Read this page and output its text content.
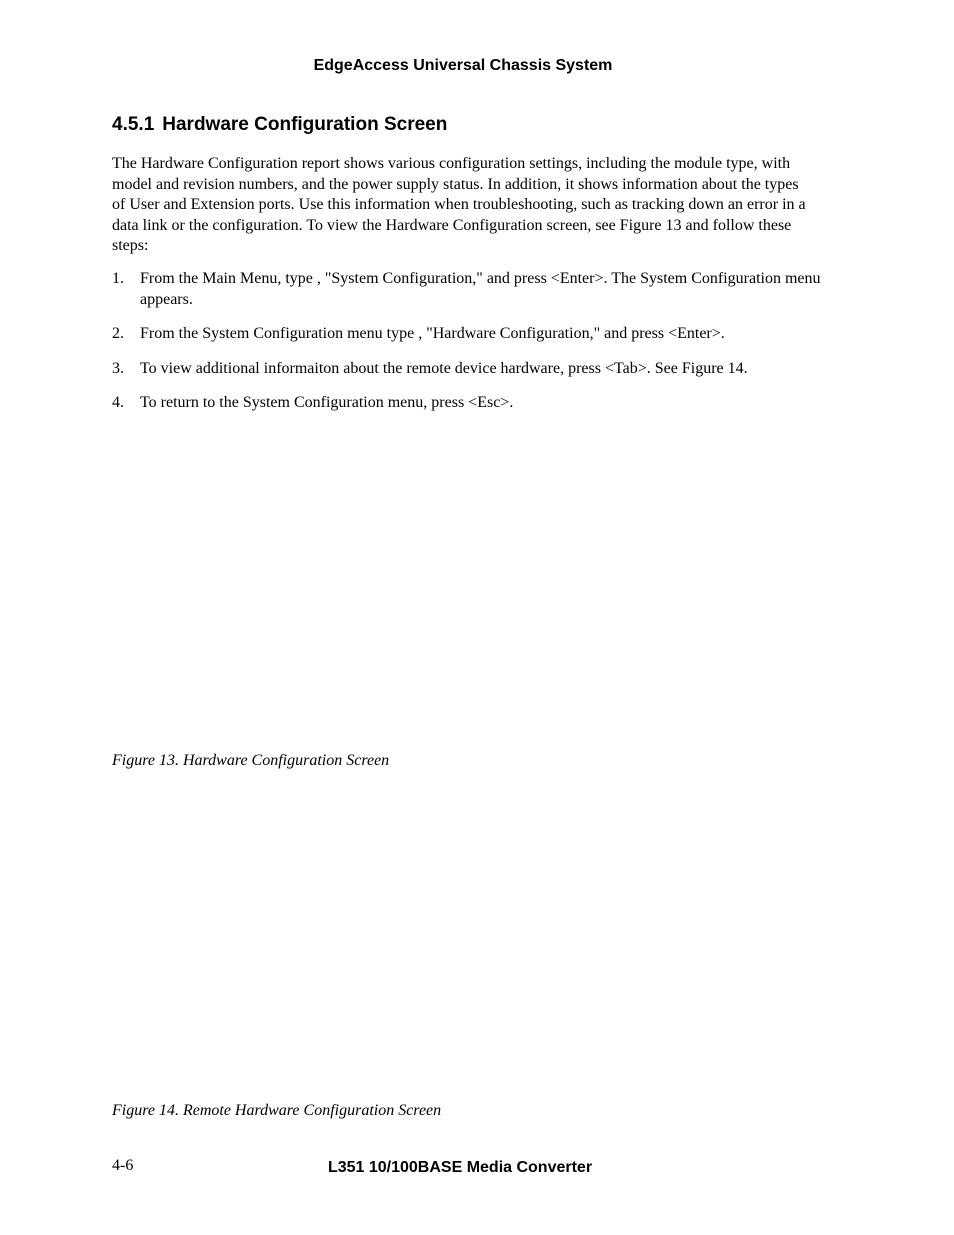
EdgeAccess Universal Chassis System
4.5.1 Hardware Configuration Screen

The Hardware Configuration report shows various configuration settings, including the module type, with model and revision numbers, and the power supply status. In addition, it shows information about the types of User and Extension ports. Use this information when troubleshooting, such as tracking down an error in a data link or the configuration. To view the Hardware Configuration screen, see Figure 13 and follow these steps:

1. From the Main Menu, type , "System Configuration," and press <Enter>. The System Configuration menu appears.
2. From the System Configuration menu type , "Hardware Configuration," and press <Enter>.
3. To view additional informaiton about the remote device hardware, press <Tab>. See Figure 14.
4. To return to the System Configuration menu, press <Esc>.
Figure 13. Hardware Configuration Screen
Figure 14. Remote Hardware Configuration Screen
4-6	L351 10/100BASE Media Converter
